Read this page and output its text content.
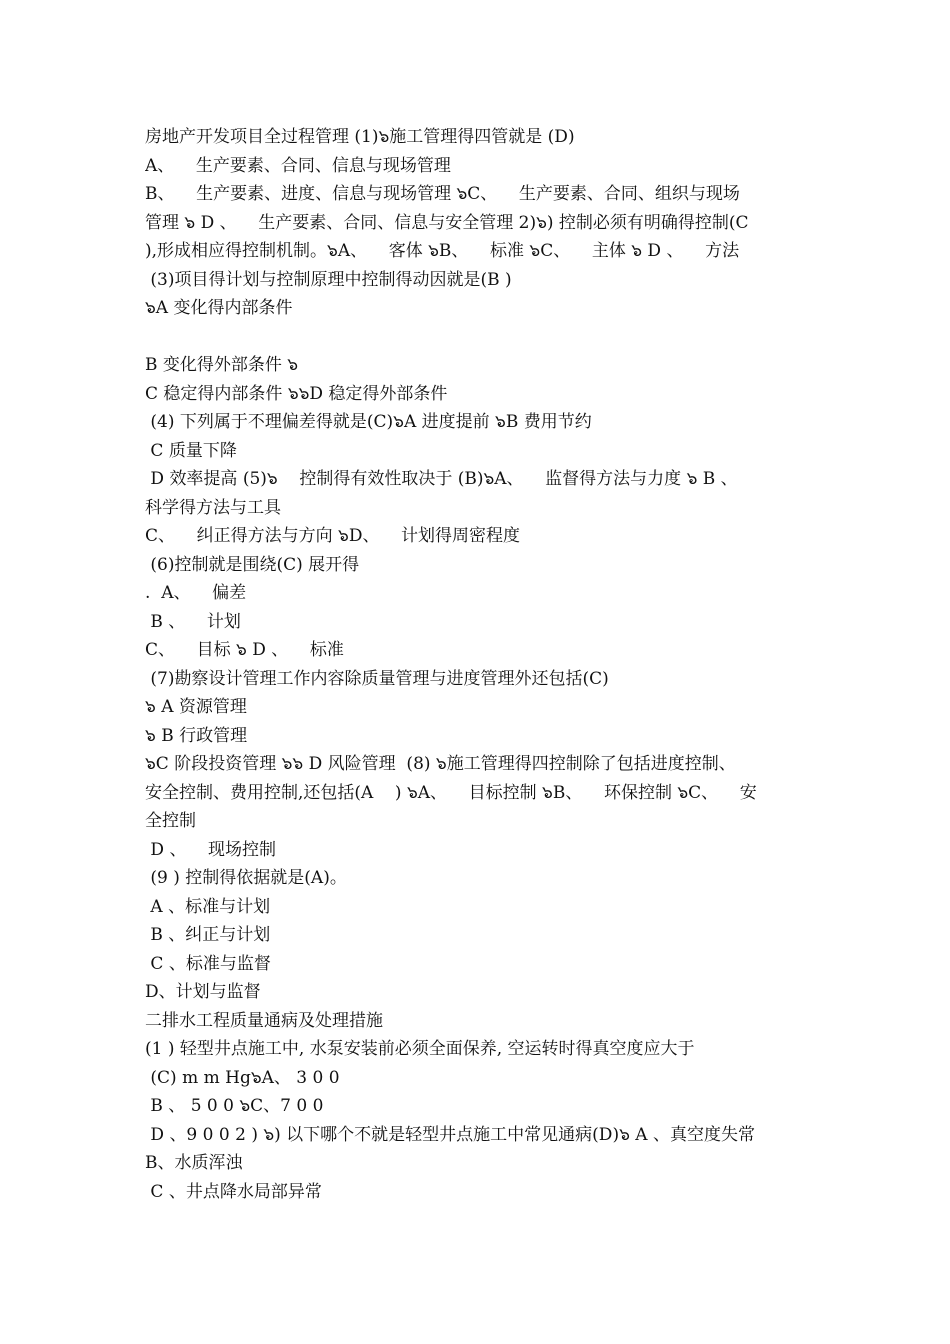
房地产开发项目全过程管理 (1)๖施工管理得四管就是 (D)
A、    生产要素、合同、信息与现场管理
B、    生产要素、进度、信息与现场管理 ๖C、    生产要素、合同、组织与现场
管理 ๖ D 、    生产要素、合同、信息与安全管理 2)๖) 控制必须有明确得控制(C
),形成相应得控制机制。๖A、    客体 ๖B、    标准 ๖C、    主体 ๖ D 、    方法
(3)项目得计划与控制原理中控制得动因就是(B )
๖A 变化得内部条件
B 变化得外部条件 ๖
C 稳定得内部条件 ๖๖D 稳定得外部条件
(4) 下列属于不理偏差得就是(C)๖A 进度提前 ๖B 费用节约
C 质量下降
D 效率提高 (5)๖    控制得有效性取决于 (B)๖A、    监督得方法与力度 ๖ B 、
科学得方法与工具
C、    纠正得方法与方向 ๖D、    计划得周密程度
(6)控制就是围绕(C) 展开得
.  A、    偏差
B 、    计划
C、    目标 ๖ D 、    标准
(7)勘察设计管理工作内容除质量管理与进度管理外还包括(C)
๖ A 资源管理
๖ B 行政管理
๖C 阶段投资管理 ๖๖ D 风险管理  (8) ๖施工管理得四控制除了包括进度控制、
安全控制、费用控制,还包括(A    ) ๖A、    目标控制 ๖B、    环保控制 ๖C、    安
全控制
D 、    现场控制
(9 ) 控制得依据就是(A)。
A 、标准与计划
B 、纠正与计划
C 、标准与监督
D、计划与监督
二排水工程质量通病及处理措施
(1 ) 轻型井点施工中, 水泵安装前必须全面保养, 空运转时得真空度应大于
(C) m m Hg๖A、 3 0 0
B 、 5 0 0 ๖C、7 0 0
D 、9 0 0 2 ) ๖) 以下哪个不就是轻型井点施工中常见通病(D)๖ A 、真空度失常
B、水质浑浊
C 、井点降水局部异常
